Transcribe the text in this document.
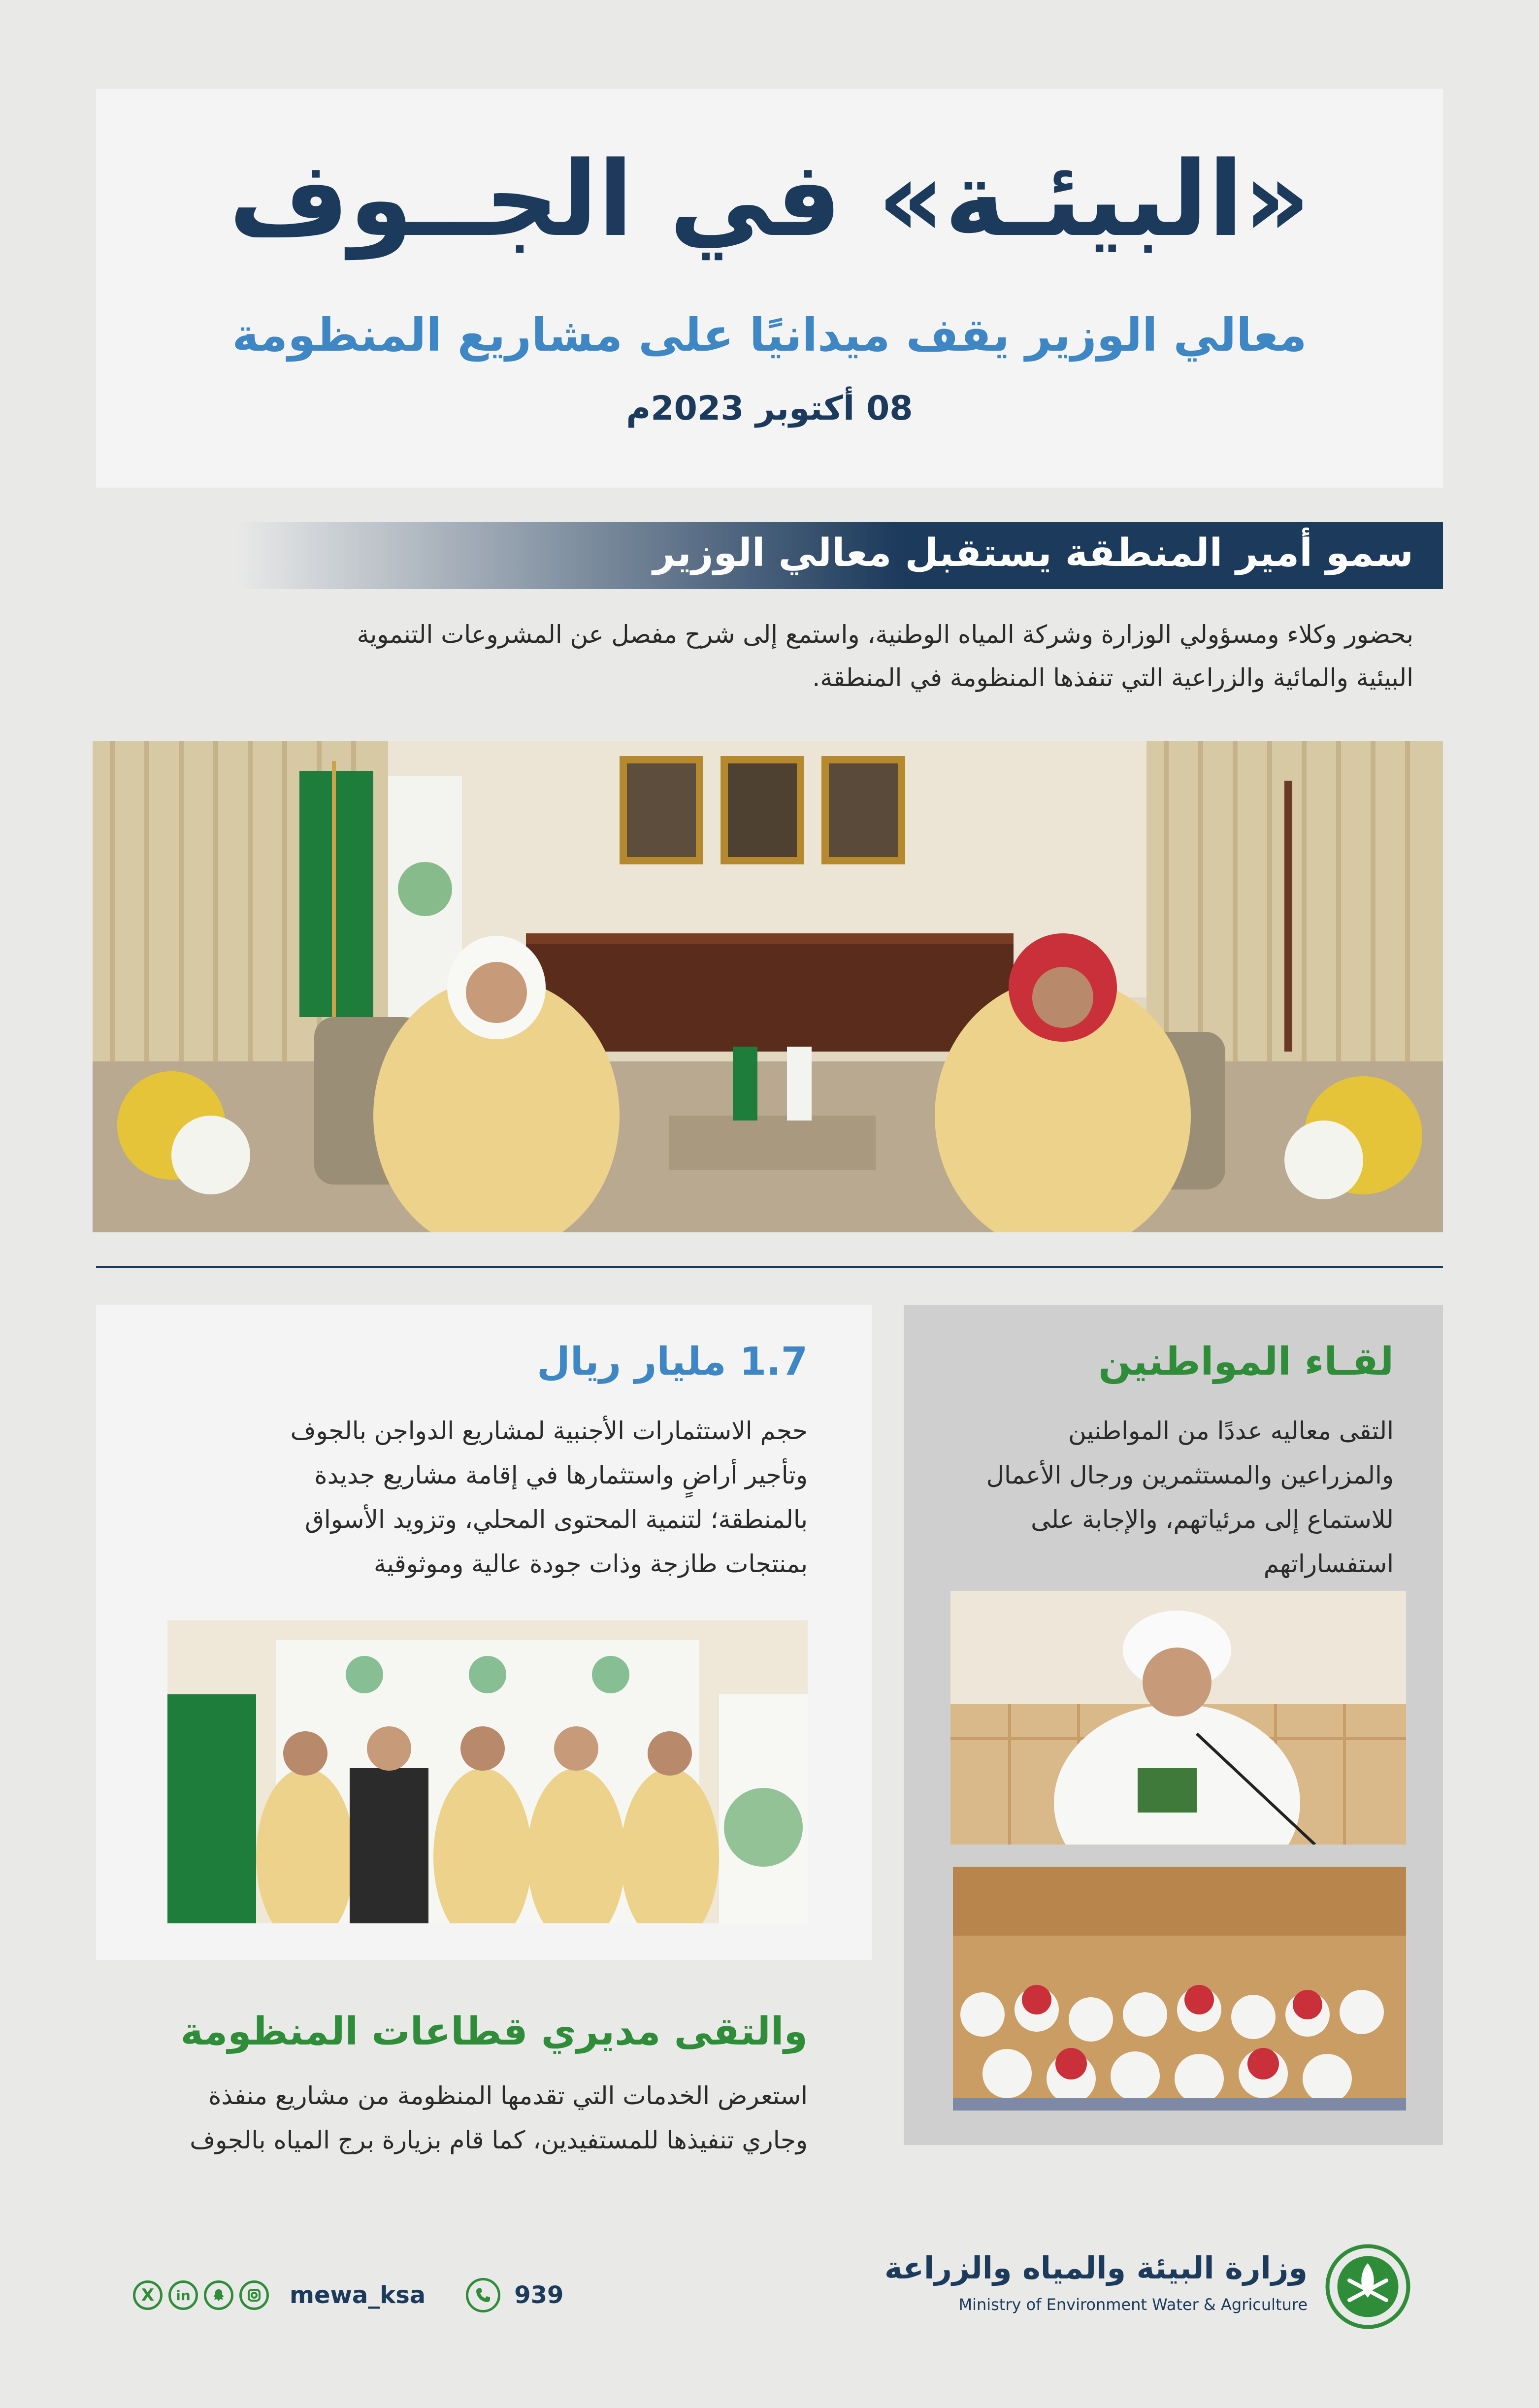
«البيئـة» في الجــوف
معالي الوزير يقف ميدانيًا على مشاريع المنظومة
08 أكتوبر 2023م
سمو أمير المنطقة يستقبل معالي الوزير
بحضور وكلاء ومسؤولي الوزارة وشركة المياه الوطنية، واستمع إلى شرح مفصل عن المشروعات التنموية
البيئية والمائية والزراعية التي تنفذها المنظومة في المنطقة.
لقـاء المواطنين
التقى معاليه عددًا من المواطنين
والمزراعين والمستثمرين ورجال الأعمال
للاستماع إلى مرئياتهم، والإجابة على
استفساراتهم
1.7 مليار ريال
حجم الاستثمارات الأجنبية لمشاريع الدواجن بالجوف
وتأجير أراضٍ واستثمارها في إقامة مشاريع جديدة
بالمنطقة؛ لتنمية المحتوى المحلي، وتزويد الأسواق
بمنتجات طازجة وذات جودة عالية وموثوقية
والتقى مديري قطاعات المنظومة
استعرض الخدمات التي تقدمها المنظومة من مشاريع منفذة
وجاري تنفيذها للمستفيدين، كما قام بزيارة برج المياه بالجوف
وزارة البيئة والمياه والزراعة
Ministry of Environment Water & Agriculture
X	in	mewa_ksa	939
